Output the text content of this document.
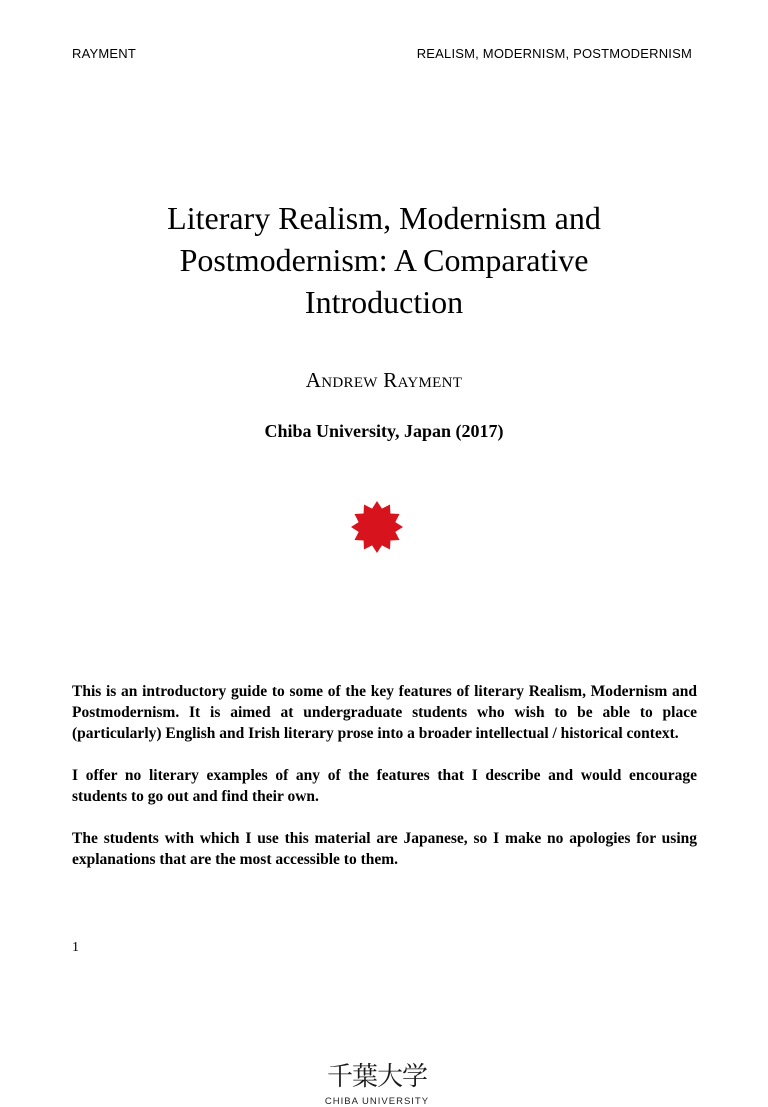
RAYMENT	REALISM, MODERNISM, POSTMODERNISM
Literary Realism, Modernism and
Postmodernism: A Comparative
Introduction
Andrew Rayment
Chiba University, Japan (2017)
千葉大学
CHIBA UNIVERSITY

This is an introductory guide to some of the key features of literary Realism, Modernism and Postmodernism. It is aimed at undergraduate students who wish to be able to place (particularly) English and Irish literary prose into a broader intellectual / historical context.

I offer no literary examples of any of the features that I describe and would encourage students to go out and find their own.

The students with which I use this material are Japanese, so I make no apologies for using explanations that are the most accessible to them.

1
